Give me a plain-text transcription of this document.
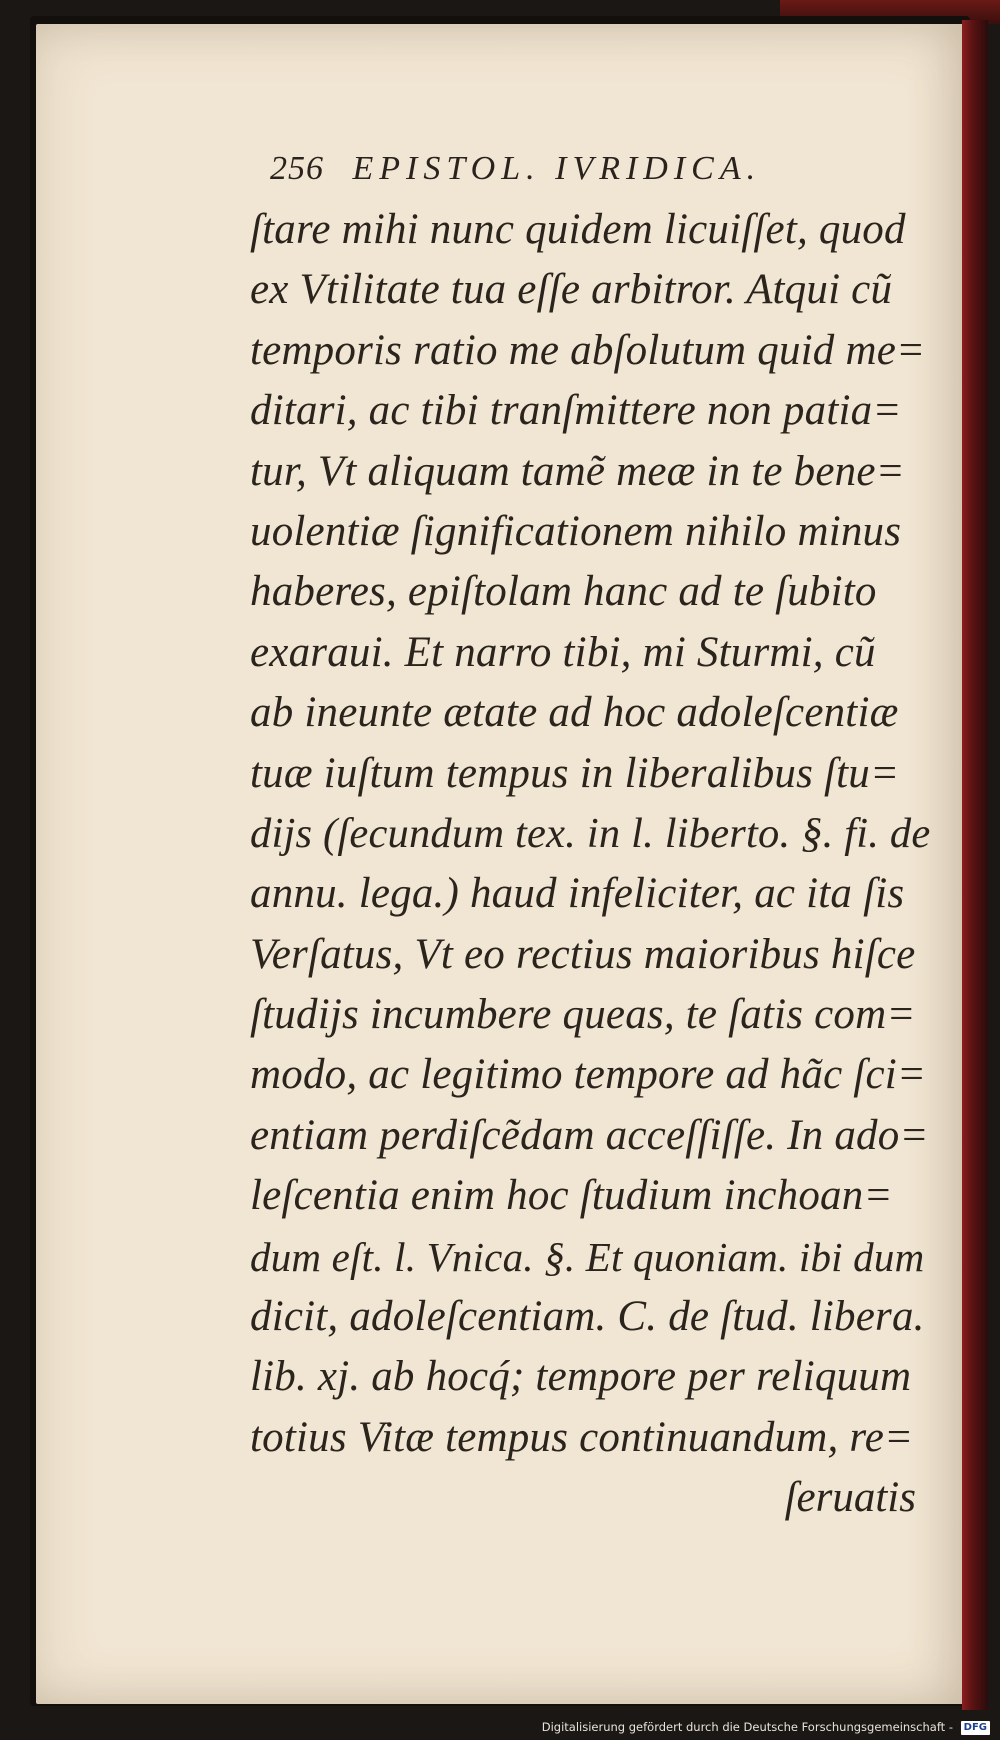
256 EPISTOL. IVRIDICA.
ſtare mihi nunc quidem licuiſſet, quod
ex Vtilitate tua eſſe arbitror. Atqui cũ
temporis ratio me abſolutum quid me=
ditari, ac tibi tranſmittere non patia=
tur, Vt aliquam tamẽ meæ in te bene=
uolentiæ ſignificationem nihilo minus
haberes, epiſtolam hanc ad te ſubito
exaraui. Et narro tibi, mi Sturmi, cũ
ab ineunte ætate ad hoc adoleſcentiæ
tuæ iuſtum tempus in liberalibus ſtu=
dijs (ſecundum tex. in l. liberto. §. fi. de
annu. lega.) haud infeliciter, ac ita ſis
Verſatus, Vt eo rectius maioribus hiſce
ſtudijs incumbere queas, te ſatis com=
modo, ac legitimo tempore ad hãc ſci=
entiam perdiſcẽdam acceſſiſſe. In ado=
leſcentia enim hoc ſtudium inchoan=
dum eſt. l. Vnica. §. Et quoniam. ibi dum
dicit, adoleſcentiam. C. de ſtud. libera.
lib. xj. ab hocq́; tempore per reliquum
totius Vitæ tempus continuandum, re=
ſeruatis
Digitalisierung gefördert durch die Deutsche Forschungsgemeinschaft - DFG
